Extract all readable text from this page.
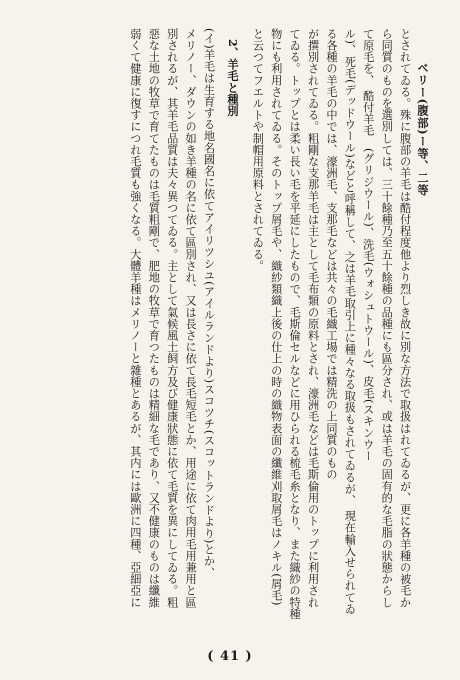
ベリー(腹部)ー等、二等
とされてゐる。殊に腹部の羊毛は酷付程度他より烈しき故に別な方法で取扱はれてゐるが、更に各羊種の被毛か
ら同質のものを選別しては、三十餘種乃至五十餘種の品種にも區分され、或は羊毛の固有的な毛脂の狀態からし
て原毛を、 酷付羊毛　(グリジウール)、洗毛(ウォシュトウール)、皮毛(スキンウー
ル)、死毛(デッドウール)などと呼稱して、之は羊毛取引上に種々なる取扱もされてゐるが、 現在輸入せられてゐ
る各種の羊毛の中では、濠洲毛、支那毛などは共々の毛織工場では精洗の上同質のもの
が撰別されてゐる。粗剛な支那羊毛は主として毛布類の原料とされ、濠洲毛などは毛斯倫用のトップに利用され
てゐる。トップとは柔い長い毛を平延にしたもので、毛斯倫セルなどに用ひられる梳毛糸となり、また織紗の特種
物にも利用されてゐる。そのトップ屑毛や、織紗類織上後の仕上の時の織物表面の纖維刈取屑毛はノキル(屑毛)
と云つてフエルトや制帽用原料とされてゐる。
2、羊毛と種別
(イ)羊毛は生育する地名國名に依てアイリツシユ(アイルランドより)スコツチ(スコットランドより)とか、
メリノー、ダウンの如き羊種の名に依て區別され、又は長さに依て長毛短毛とか、用途に依て肉用毛用兼用と區
別されるが、其羊毛品質は夫々異つてゐる。主として氣候風土飼方及び健康狀態に依て毛質を異にしてゐる。粗
惡な土地の牧草で育てたものは毛質粗剛で、肥地の牧草で育つたものは精細な毛であり、又不健康のものは纖維
弱くて健康に復すにつれ毛質も強くなる。大體羊種はメリノーと雜種とあるが、其内には歐洲に四種、亞細亞に
( 41 )
